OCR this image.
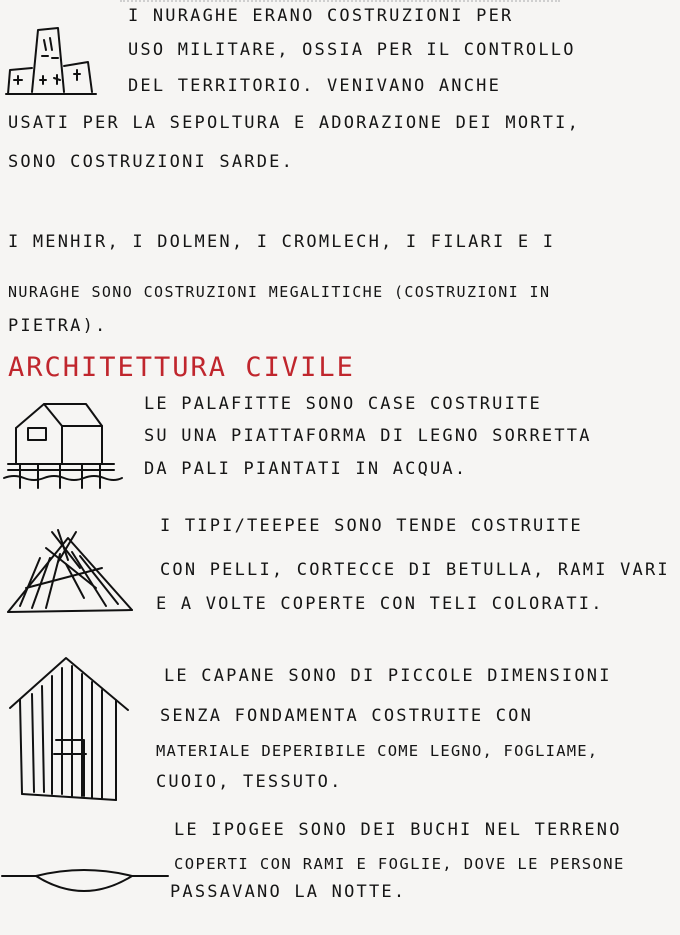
I NURAGHE ERANO COSTRUZIONI PER
USO MILITARE, OSSIA PER IL CONTROLLO
DEL TERRITORIO. VENIVANO ANCHE
USATI PER LA SEPOLTURA E ADORAZIONE DEI MORTI,
SONO COSTRUZIONI SARDE.
I MENHIR, I DOLMEN, I CROMLECH, I FILARI E I
NURAGHE SONO COSTRUZIONI MEGALITICHE (COSTRUZIONI IN
PIETRA).
ARCHITETTURA CIVILE
LE PALAFITTE SONO CASE COSTRUITE
SU UNA PIATTAFORMA DI LEGNO SORRETTA
DA PALI PIANTATI IN ACQUA.
I TIPI/TEEPEE SONO TENDE COSTRUITE
CON PELLI, CORTECCE DI BETULLA, RAMI VARI
E A VOLTE COPERTE CON TELI COLORATI.
LE CAPANE SONO DI PICCOLE DIMENSIONI
SENZA FONDAMENTA COSTRUITE CON
MATERIALE DEPERIBILE COME LEGNO, FOGLIAME,
CUOIO, TESSUTO.
LE IPOGEE SONO DEI BUCHI NEL TERRENO
COPERTI CON RAMI E FOGLIE, DOVE LE PERSONE
PASSAVANO LA NOTTE.
